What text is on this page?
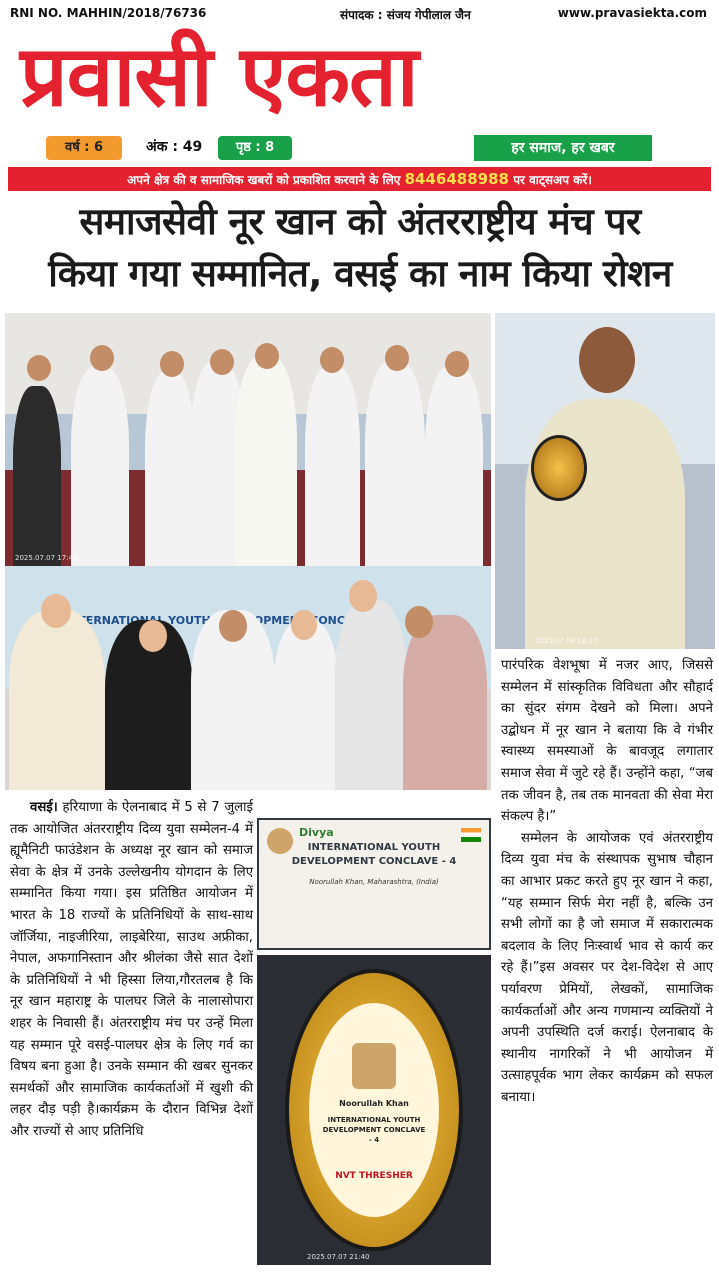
RNI NO. MAHHIN/2018/76736	संपादक : संजय गेपीलाल जैन	www.pravasiekta.com
प्रवासी एकता
वर्ष : 6	अंक : 49	पृष्ठ : 8	हर समाज, हर खबर
अपने क्षेत्र की व सामाजिक खबरों को प्रकाशित करवाने के लिए 8446488988 पर वाट्सअप करें।
समाजसेवी नूर खान को अंतरराष्ट्रीय मंच पर
किया गया सम्मानित, वसई का नाम किया रोशन
2025.07.07 17:48
2025.07.06 18:27
INTERNATIONAL YOUTH DEVELOPMENT
Divya
INTERNATIONAL YOUTH
DEVELOPMENT CONCLAVE - 4
Noorullah Khan, Maharashtra, (India)
Noorullah Khan
INTERNATIONAL YOUTH DEVELOPMENT CONCLAVE - 4
NVT THRESHER
2025.07.07 21:40

वसई। हरियाणा के ऐलनाबाद में 5 से 7 जुलाई तक आयोजित अंतरराष्ट्रीय दिव्य युवा सम्मेलन-4 में ह्यूमैनिटी फाउंडेशन के अध्यक्ष नूर खान को समाज सेवा के क्षेत्र में उनके उल्लेखनीय योगदान के लिए सम्मानित किया गया। इस प्रतिष्ठित आयोजन में भारत के 18 राज्यों के प्रतिनिधियों के साथ-साथ जॉर्जिया, नाइजीरिया, लाइबेरिया, साउथ अफ्रीका, नेपाल, अफगानिस्तान और श्रीलंका जैसे सात देशों के प्रतिनिधियों ने भी हिस्सा लिया,गौरतलब है कि नूर खान महाराष्ट्र के पालघर जिले के नालासोपारा शहर के निवासी हैं। अंतरराष्ट्रीय मंच पर उन्हें मिला यह सम्मान पूरे वसई-पालघर क्षेत्र के लिए गर्व का विषय बना हुआ है। उनके सम्मान की खबर सुनकर समर्थकों और सामाजिक कार्यकर्ताओं में खुशी की लहर दौड़ पड़ी है।कार्यक्रम के दौरान विभिन्न देशों और राज्यों से आए प्रतिनिधि

पारंपरिक वेशभूषा में नजर आए, जिससे सम्मेलन में सांस्कृतिक विविधता और सौहार्द का सुंदर संगम देखने को मिला। अपने उद्बोधन में नूर खान ने बताया कि वे गंभीर स्वास्थ्य समस्याओं के बावजूद लगातार समाज सेवा में जुटे रहे हैं। उन्होंने कहा, “जब तक जीवन है, तब तक मानवता की सेवा मेरा संकल्प है।”

सम्मेलन के आयोजक एवं अंतरराष्ट्रीय दिव्य युवा मंच के संस्थापक सुभाष चौहान का आभार प्रकट करते हुए नूर खान ने कहा, “यह सम्मान सिर्फ मेरा नहीं है, बल्कि उन सभी लोगों का है जो समाज में सकारात्मक बदलाव के लिए निःस्वार्थ भाव से कार्य कर रहे हैं।”इस अवसर पर देश-विदेश से आए पर्यावरण प्रेमियों, लेखकों, सामाजिक कार्यकर्ताओं और अन्य गणमान्य व्यक्तियों ने अपनी उपस्थिति दर्ज कराई। ऐलनाबाद के स्थानीय नागरिकों ने भी आयोजन में उत्साहपूर्वक भाग लेकर कार्यक्रम को सफल बनाया।
